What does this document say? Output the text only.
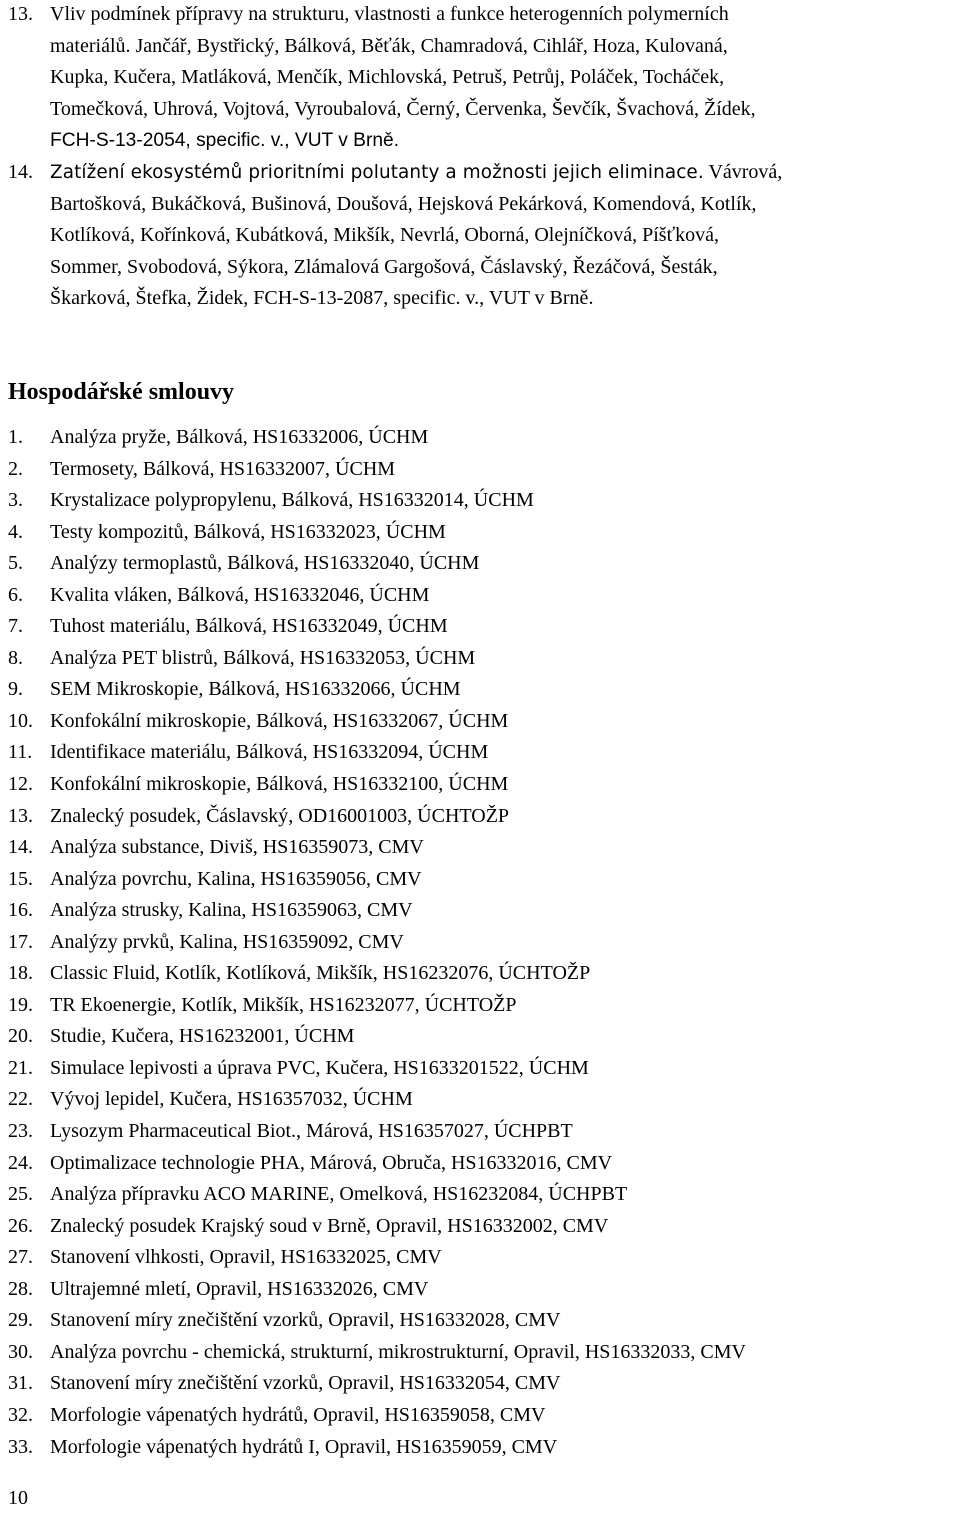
13. Vliv podmínek přípravy na strukturu, vlastnosti a funkce heterogenních polymerních
materiálů. Jančář, Bystřický, Bálková, Běťák, Chamradová, Cihlář, Hoza, Kulovaná,
Kupka, Kučera, Matláková, Menčík, Michlovská, Petruš, Petrůj, Poláček, Tocháček,
Tomečková, Uhrová, Vojtová, Vyroubalová, Černý, Červenka, Ševčík, Švachová, Žídek,
FCH-S-13-2054, specific. v., VUT v Brně.
14. Zatížení ekosystémů prioritními polutanty a možnosti jejich eliminace. Vávrová,
Bartošková, Bukáčková, Bušinová, Doušová, Hejsková Pekárková, Komendová, Kotlík,
Kotlíková, Kořínková, Kubátková, Mikšík, Nevrlá, Oborná, Olejníčková, Píšťková,
Sommer, Svobodová, Sýkora, Zlámalová Gargošová, Čáslavský, Řezáčová, Šesták,
Škarková, Štefka, Židek, FCH-S-13-2087, specific. v., VUT v Brně.
Hospodářské smlouvy
1. Analýza pryže, Bálková, HS16332006, ÚCHM
2. Termosety, Bálková, HS16332007, ÚCHM
3. Krystalizace polypropylenu, Bálková, HS16332014, ÚCHM
4. Testy kompozitů, Bálková, HS16332023, ÚCHM
5. Analýzy termoplastů, Bálková, HS16332040, ÚCHM
6. Kvalita vláken, Bálková, HS16332046, ÚCHM
7. Tuhost materiálu, Bálková, HS16332049, ÚCHM
8. Analýza PET blistrů, Bálková, HS16332053, ÚCHM
9. SEM Mikroskopie, Bálková, HS16332066, ÚCHM
10. Konfokální mikroskopie, Bálková, HS16332067, ÚCHM
11. Identifikace materiálu, Bálková, HS16332094, ÚCHM
12. Konfokální mikroskopie, Bálková, HS16332100, ÚCHM
13. Znalecký posudek, Čáslavský, OD16001003, ÚCHTOŽP
14. Analýza substance, Diviš, HS16359073, CMV
15. Analýza povrchu, Kalina, HS16359056, CMV
16. Analýza strusky, Kalina, HS16359063, CMV
17. Analýzy prvků, Kalina, HS16359092, CMV
18. Classic Fluid, Kotlík, Kotlíková, Mikšík, HS16232076, ÚCHTOŽP
19. TR Ekoenergie, Kotlík, Mikšík, HS16232077, ÚCHTOŽP
20. Studie, Kučera, HS16232001, ÚCHM
21. Simulace lepivosti a úprava PVC, Kučera, HS1633201522, ÚCHM
22. Vývoj lepidel, Kučera, HS16357032, ÚCHM
23. Lysozym Pharmaceutical Biot., Márová, HS16357027, ÚCHPBT
24. Optimalizace technologie PHA, Márová, Obruča, HS16332016, CMV
25. Analýza přípravku ACO MARINE, Omelková, HS16232084, ÚCHPBT
26. Znalecký posudek Krajský soud v Brně, Opravil, HS16332002, CMV
27. Stanovení vlhkosti, Opravil, HS16332025, CMV
28. Ultrajemné mletí, Opravil, HS16332026, CMV
29. Stanovení míry znečištění vzorků, Opravil, HS16332028, CMV
30. Analýza povrchu - chemická, strukturní, mikrostrukturní, Opravil, HS16332033, CMV
31. Stanovení míry znečištění vzorků, Opravil, HS16332054, CMV
32. Morfologie vápenatých hydrátů, Opravil, HS16359058, CMV
33. Morfologie vápenatých hydrátů I, Opravil, HS16359059, CMV
10
